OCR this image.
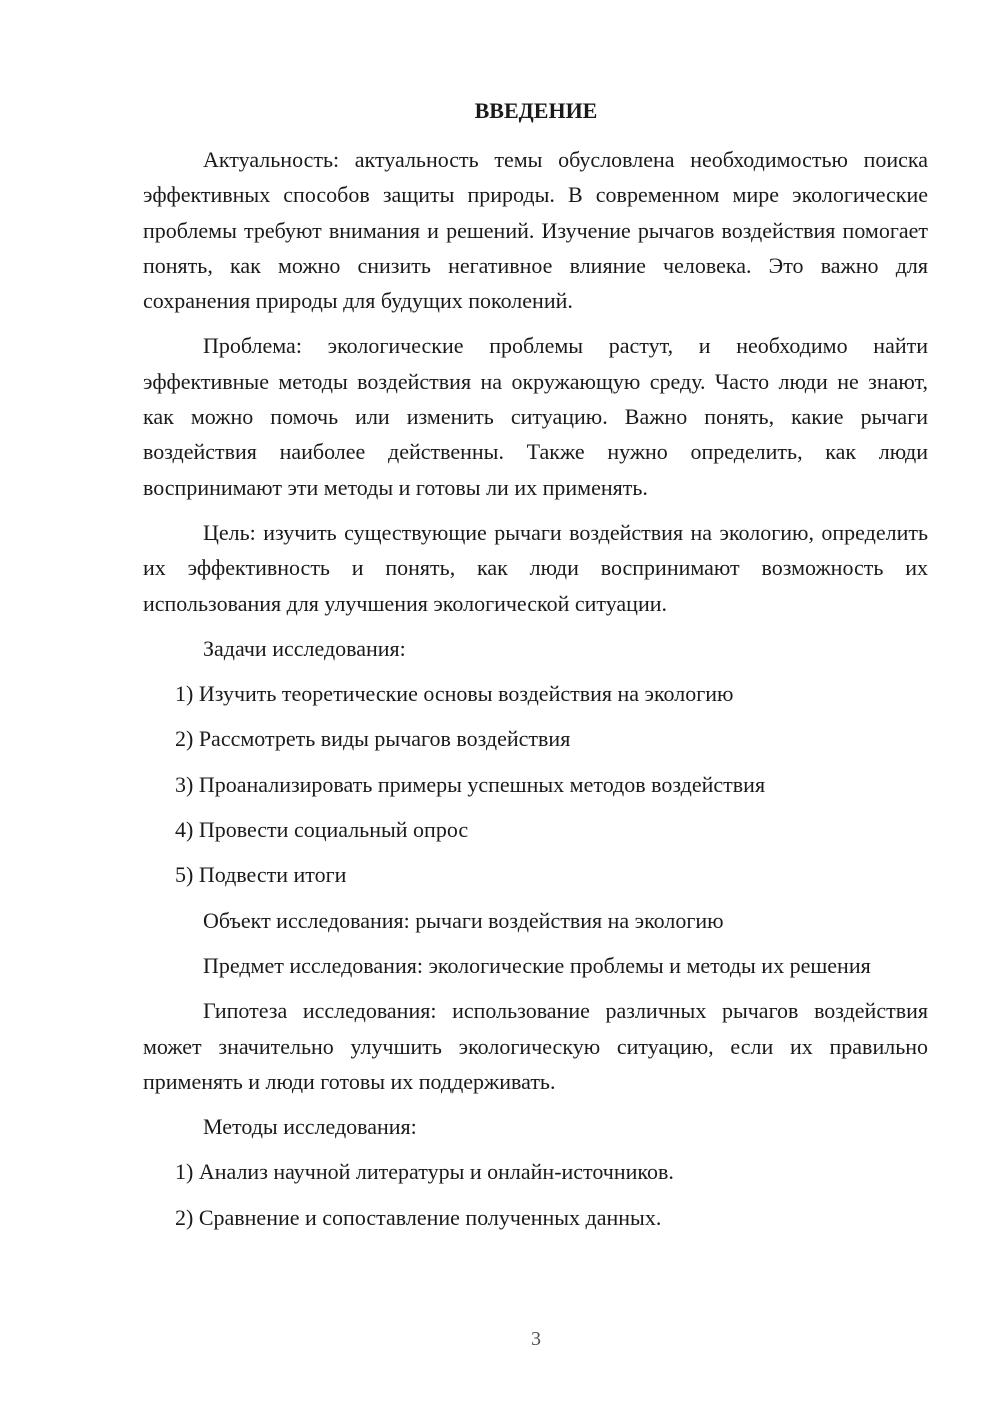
ВВЕДЕНИЕ

Актуальность: актуальность темы обусловлена необходимостью поиска эффективных способов защиты природы. В современном мире экологические проблемы требуют внимания и решений. Изучение рычагов воздействия помогает понять, как можно снизить негативное влияние человека. Это важно для сохранения природы для будущих поколений.

Проблема: экологические проблемы растут, и необходимо найти эффективные методы воздействия на окружающую среду. Часто люди не знают, как можно помочь или изменить ситуацию. Важно понять, какие рычаги воздействия наиболее действенны. Также нужно определить, как люди воспринимают эти методы и готовы ли их применять.

Цель: изучить существующие рычаги воздействия на экологию, определить их эффективность и понять, как люди воспринимают возможность их использования для улучшения экологической ситуации.

Задачи исследования:

1) Изучить теоретические основы воздействия на экологию
2) Рассмотреть виды рычагов воздействия
3) Проанализировать примеры успешных методов воздействия
4) Провести социальный опрос
5) Подвести итоги

Объект исследования: рычаги воздействия на экологию

Предмет исследования: экологические проблемы и методы их решения

Гипотеза исследования: использование различных рычагов воздействия может значительно улучшить экологическую ситуацию, если их правильно применять и люди готовы их поддерживать.

Методы исследования:

1) Анализ научной литературы и онлайн-источников.
2) Сравнение и сопоставление полученных данных.
3
